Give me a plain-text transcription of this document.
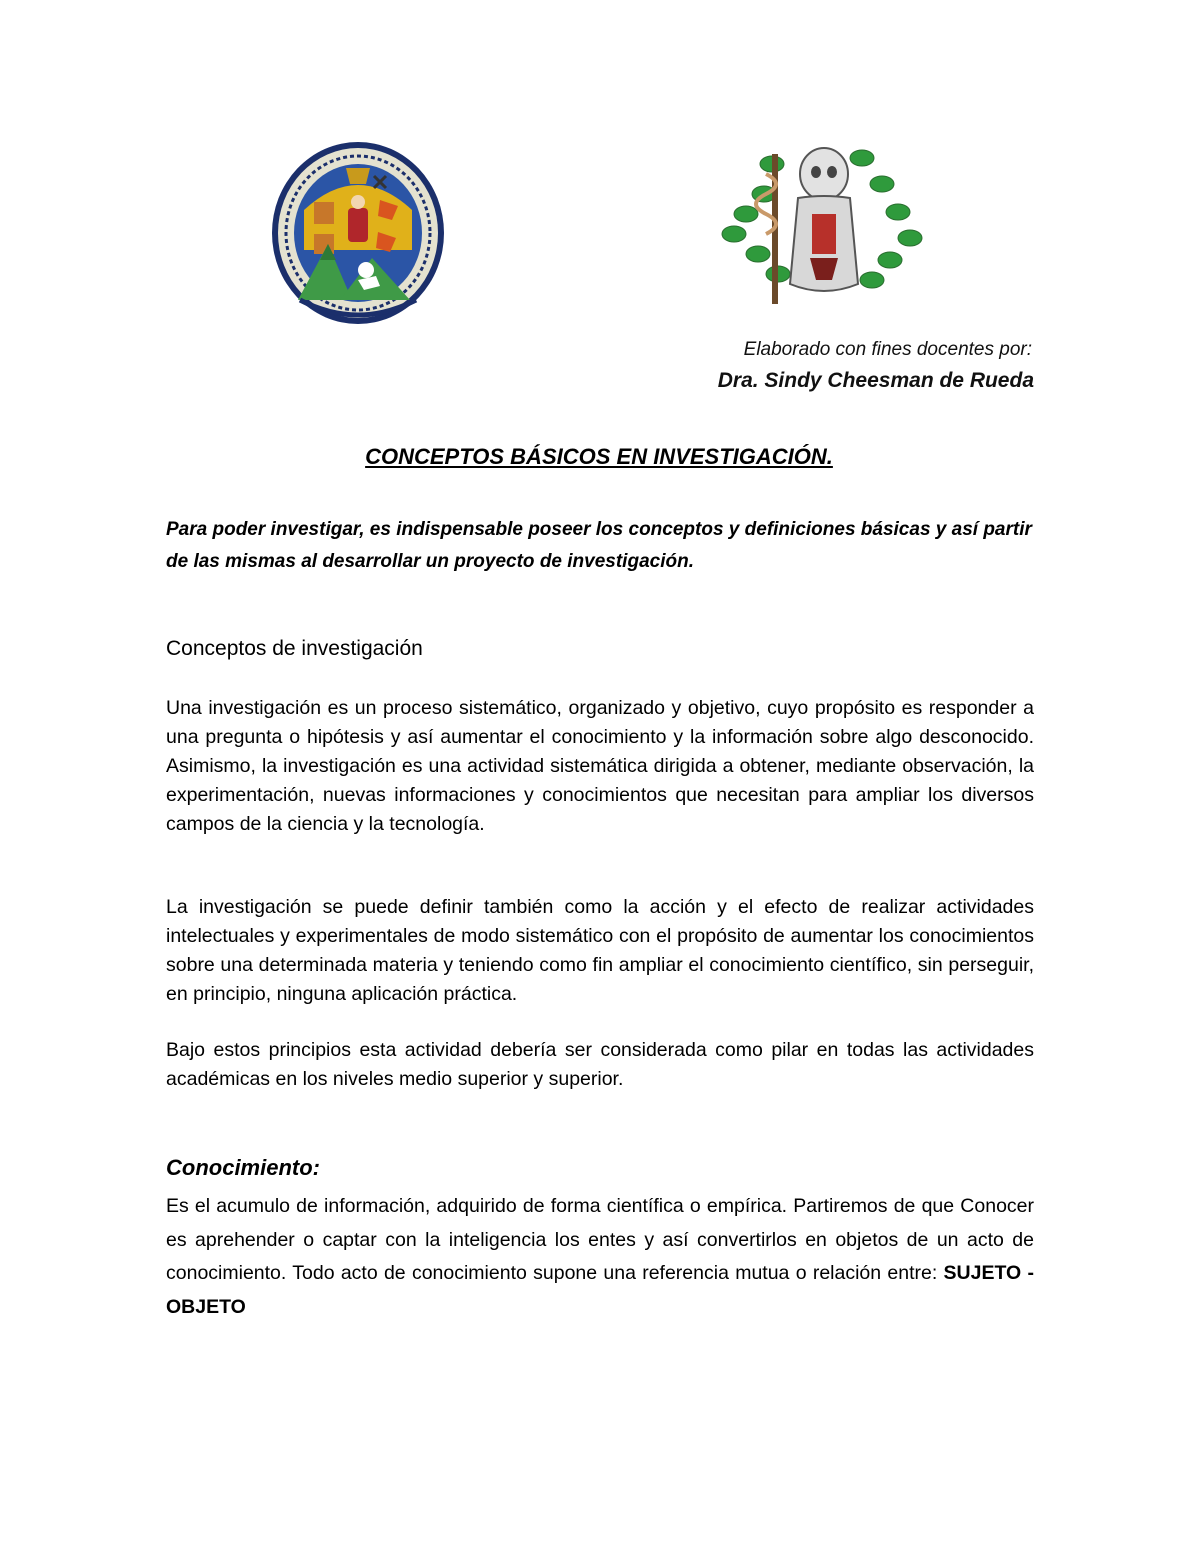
Elaborado con fines docentes por:
Dra. Sindy Cheesman de Rueda
CONCEPTOS BÁSICOS EN INVESTIGACIÓN.
Para poder investigar, es indispensable poseer los conceptos y definiciones básicas y así partir de las mismas al desarrollar un proyecto de investigación.
Conceptos de investigación
Una investigación es un proceso sistemático, organizado y objetivo, cuyo propósito es responder a una pregunta o hipótesis y así aumentar el conocimiento y la información sobre algo desconocido. Asimismo, la investigación es una actividad sistemática dirigida a obtener, mediante observación, la experimentación, nuevas informaciones y conocimientos que necesitan para ampliar los diversos campos de la ciencia y la tecnología.
La investigación se puede definir también como la acción y el efecto de realizar actividades intelectuales y experimentales de modo sistemático con el propósito de aumentar los conocimientos sobre una determinada materia y teniendo como fin ampliar el conocimiento científico, sin perseguir, en principio, ninguna aplicación práctica.
Bajo estos principios esta actividad debería ser considerada como pilar en todas las actividades académicas en los niveles medio superior y superior.
Conocimiento:
Es el acumulo de información, adquirido de forma científica o empírica. Partiremos de que Conocer es aprehender o captar con la inteligencia los entes y así convertirlos en objetos de un acto de conocimiento. Todo acto de conocimiento supone una referencia mutua o relación entre: SUJETO - OBJETO
